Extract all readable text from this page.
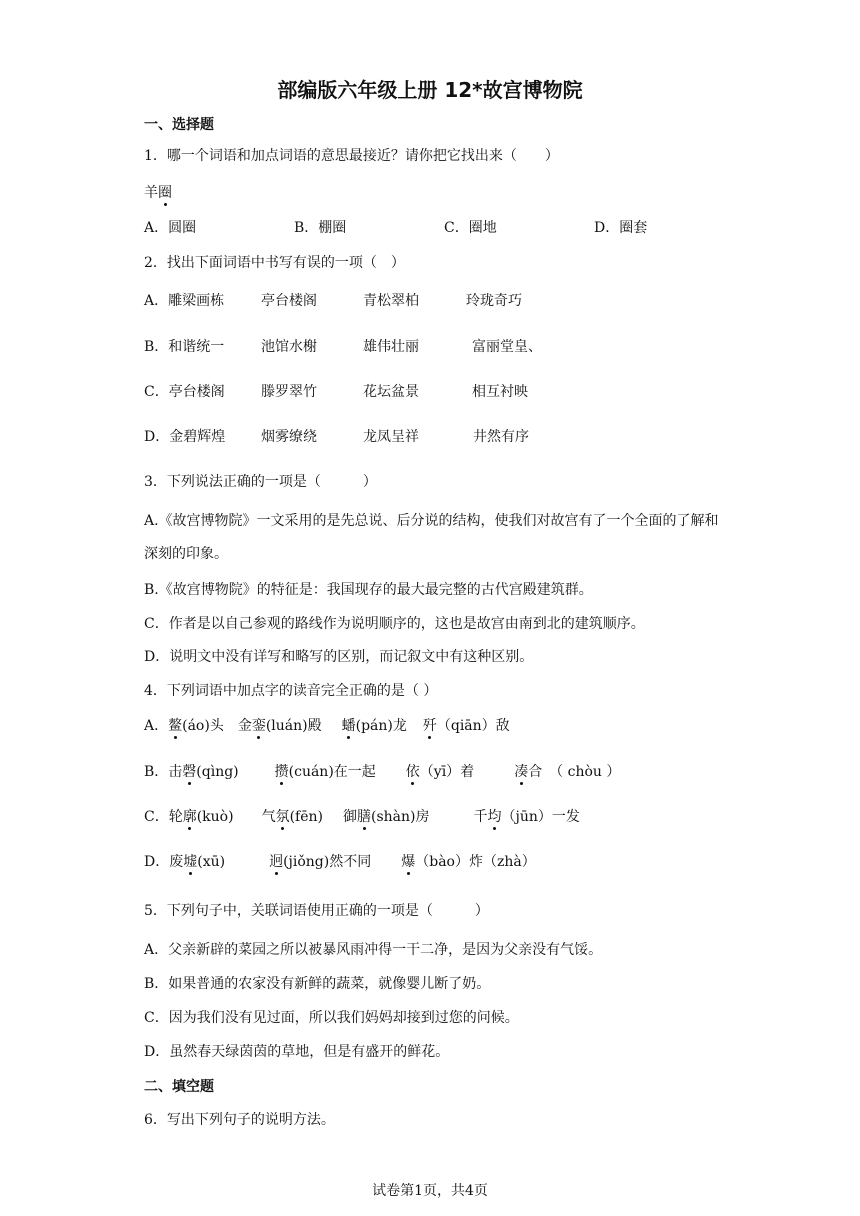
部编版六年级上册 12*故宫博物院
一、选择题
1．哪一个词语和加点词语的意思最接近？请你把它找出来（　　）
羊圈
A．圆圈	B．棚圈	C．圈地	D．圈套
2．找出下面词语中书写有误的一项（　）
A．雕梁画栋	亭台楼阁	青松翠柏	玲珑奇巧
B．和谐统一	池馆水榭	雄伟壮丽	富丽堂皇、
C．亭台楼阁	滕罗翠竹	花坛盆景	相互衬映
D．金碧辉煌	烟雾缭绕	龙凤呈祥	井然有序
3．下列说法正确的一项是（　　　）
A.《故宫博物院》一文采用的是先总说、后分说的结构，使我们对故宫有了一个全面的了解和深刻的印象。
B.《故宫博物院》的特征是：我国现存的最大最完整的古代宫殿建筑群。
C．作者是以自己参观的路线作为说明顺序的，这也是故宫由南到北的建筑顺序。
D．说明文中没有详写和略写的区别，而记叙文中有这种区别。
4．下列词语中加点字的读音完全正确的是（ ）
A．鳌(áo)头 金銮(luán)殿 蟠(pán)龙 歼（qiān）敌
B．击磬(qìng)	攒(cuán)在一起 依（yī）着	凑合　（ chòu ）
C．轮廓(kuò) 气氛(fēn) 御膳(shàn)房	千均（jūn）一发
D．废墟(xū)	迥(jiǒng)然不同 爆（bào）炸（zhà）
5．下列句子中，关联词语使用正确的一项是（　　　）
A．父亲新辟的菜园之所以被暴风雨冲得一干二净，是因为父亲没有气馁。
B．如果普通的农家没有新鲜的蔬菜，就像婴儿断了奶。
C．因为我们没有见过面，所以我们妈妈却接到过您的问候。
D．虽然春天绿茵茵的草地，但是有盛开的鲜花。
二、填空题
6．写出下列句子的说明方法。
试卷第1页，共4页
